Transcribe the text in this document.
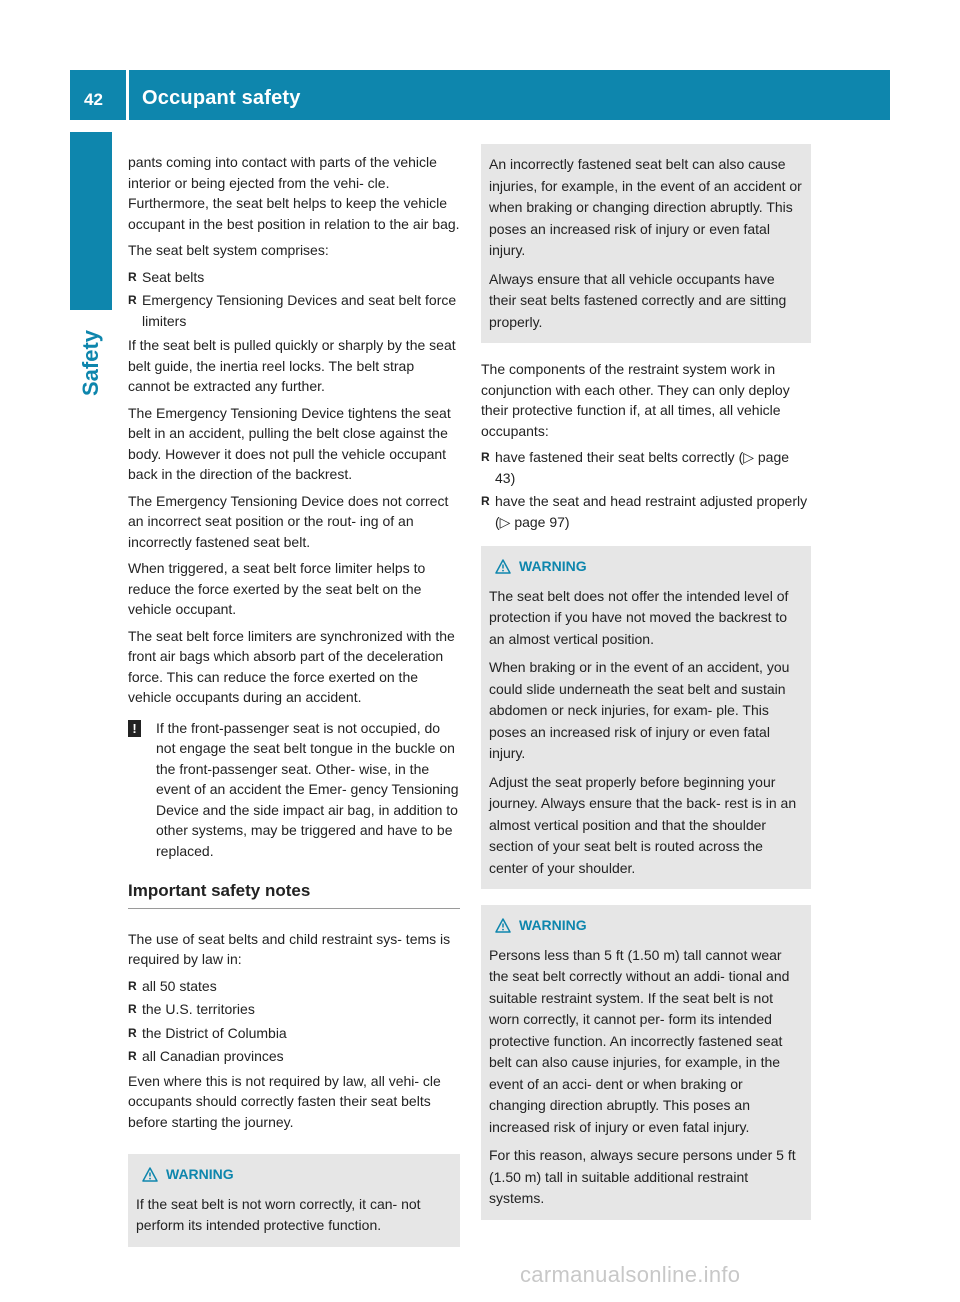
42 Occupant safety
Safety

pants coming into contact with parts of the vehicle interior or being ejected from the vehi- cle. Furthermore, the seat belt helps to keep the vehicle occupant in the best position in relation to the air bag.

The seat belt system comprises:

R Seat belts
R Emergency Tensioning Devices and seat belt force limiters

If the seat belt is pulled quickly or sharply by the seat belt guide, the inertia reel locks. The belt strap cannot be extracted any further.

The Emergency Tensioning Device tightens the seat belt in an accident, pulling the belt close against the body. However it does not pull the vehicle occupant back in the direction of the backrest.

The Emergency Tensioning Device does not correct an incorrect seat position or the rout- ing of an incorrectly fastened seat belt.

When triggered, a seat belt force limiter helps to reduce the force exerted by the seat belt on the vehicle occupant.

The seat belt force limiters are synchronized with the front air bags which absorb part of the deceleration force. This can reduce the force exerted on the vehicle occupants during an accident.

!	If the front-passenger seat is not occupied, do not engage the seat belt tongue in the buckle on the front-passenger seat. Other- wise, in the event of an accident the Emer- gency Tensioning Device and the side impact air bag, in addition to other systems, may be triggered and have to be replaced.
Important safety notes

The use of seat belts and child restraint sys- tems is required by law in:

R all 50 states
R the U.S. territories
R the District of Columbia
R all Canadian provinces

Even where this is not required by law, all vehi- cle occupants should correctly fasten their seat belts before starting the journey.

WARNING

If the seat belt is not worn correctly, it can- not perform its intended protective function.

An incorrectly fastened seat belt can also cause injuries, for example, in the event of an accident or when braking or changing direction abruptly. This poses an increased risk of injury or even fatal injury.

Always ensure that all vehicle occupants have their seat belts fastened correctly and are sitting properly.

The components of the restraint system work in conjunction with each other. They can only deploy their protective function if, at all times, all vehicle occupants:

R have fastened their seat belts correctly (▷ page 43)
R have the seat and head restraint adjusted properly (▷ page 97)
WARNING

The seat belt does not offer the intended level of protection if you have not moved the backrest to an almost vertical position.

When braking or in the event of an accident, you could slide underneath the seat belt and sustain abdomen or neck injuries, for exam- ple. This poses an increased risk of injury or even fatal injury.

Adjust the seat properly before beginning your journey. Always ensure that the back- rest is in an almost vertical position and that the shoulder section of your seat belt is routed across the center of your shoulder.

WARNING

Persons less than 5 ft (1.50 m) tall cannot wear the seat belt correctly without an addi- tional and suitable restraint system. If the seat belt is not worn correctly, it cannot per- form its intended protective function. An incorrectly fastened seat belt can also cause injuries, for example, in the event of an acci- dent or when braking or changing direction abruptly. This poses an increased risk of injury or even fatal injury.

For this reason, always secure persons under 5 ft (1.50 m) tall in suitable additional restraint systems.

carmanualsonline.info
